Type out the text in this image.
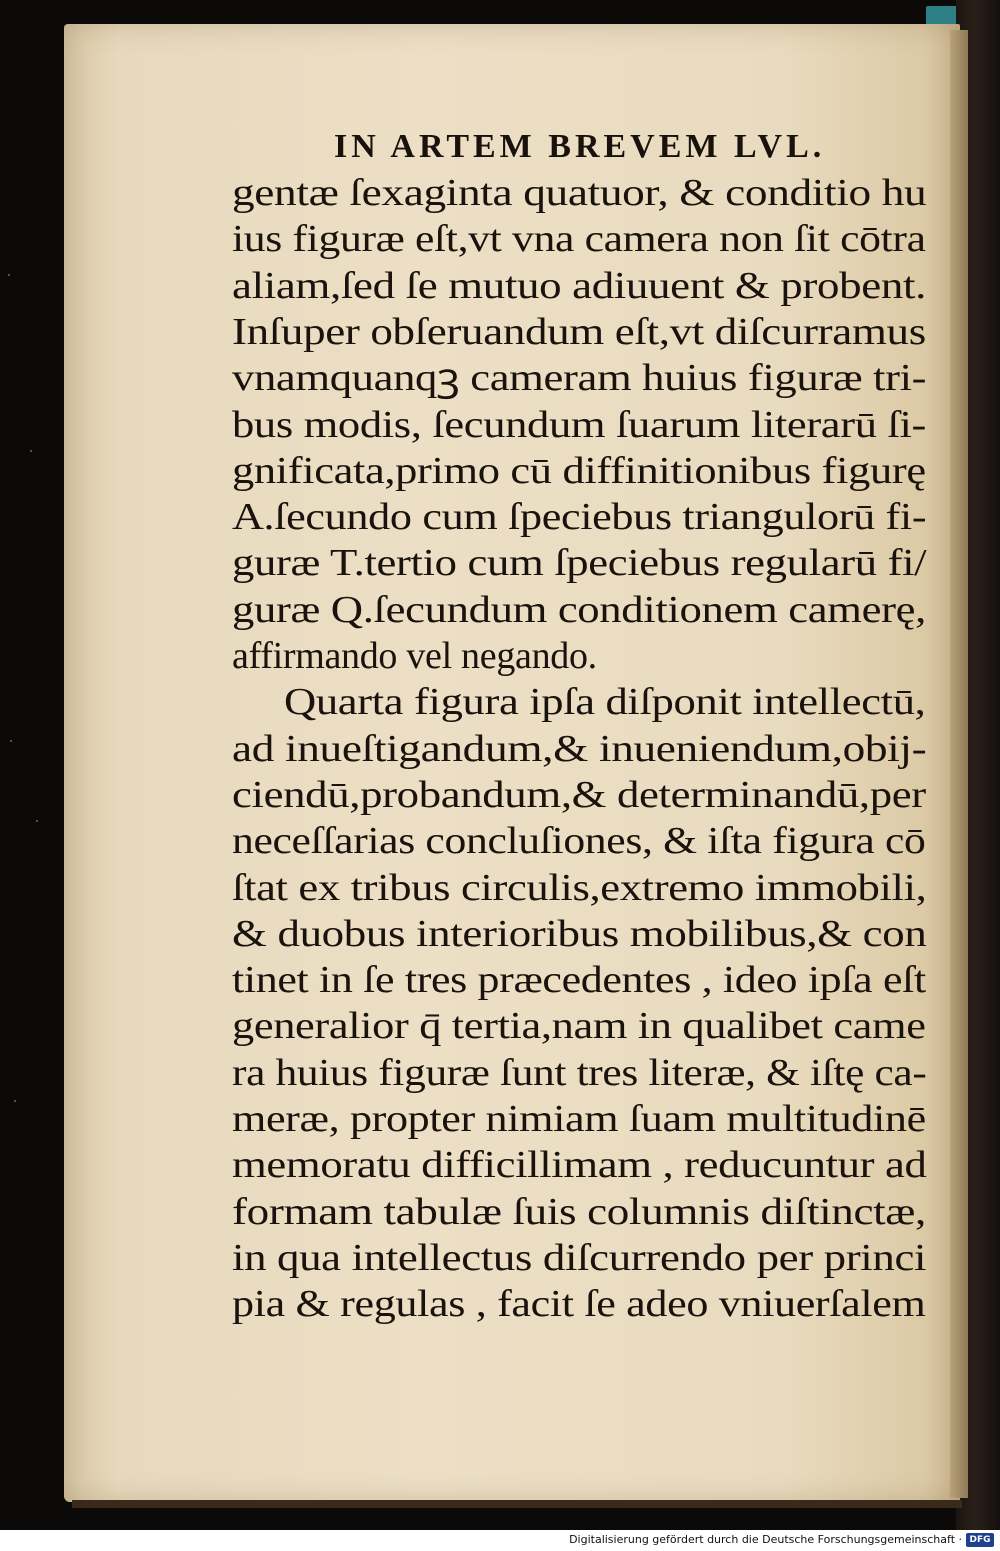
IN ARTEM BREVEM LVL.
gentæ ſexaginta quatuor, & conditio hu
ius figuræ eſt,vt vna camera non ſit cōtra
aliam,ſed ſe mutuo adiuuent & probent.
Inſuper obſeruandum eſt,vt diſcurramus
vnamquanqꝫ cameram huius figuræ tri-
bus modis, ſecundum ſuarum literarū ſi-
gnificata,primo cū diffinitionibus figurę
A.ſecundo cum ſpeciebus triangulorū fi-
guræ T.tertio cum ſpeciebus regularū fi/
guræ Q.ſecundum conditionem camerę,
affirmando vel negando.
Quarta figura ipſa diſponit intellectū,
ad inueſtigandum,& inueniendum,obij-
ciendū,probandum,& determinandū,per
neceſſarias concluſiones, & iſta figura cō
ſtat ex tribus circulis,extremo immobili,
& duobus interioribus mobilibus,& con
tinet in ſe tres præcedentes , ideo ipſa eſt
generalior q̄ tertia,nam in qualibet came
ra huius figuræ ſunt tres literæ, & iſtę ca-
meræ, propter nimiam ſuam multitudinē
memoratu difficillimam , reducuntur ad
formam tabulæ ſuis columnis diſtinctæ,
in qua intellectus diſcurrendo per princi
pia & regulas , facit ſe adeo vniuerſalem
Digitalisierung gefördert durch die Deutsche Forschungsgemeinschaft · DFG
